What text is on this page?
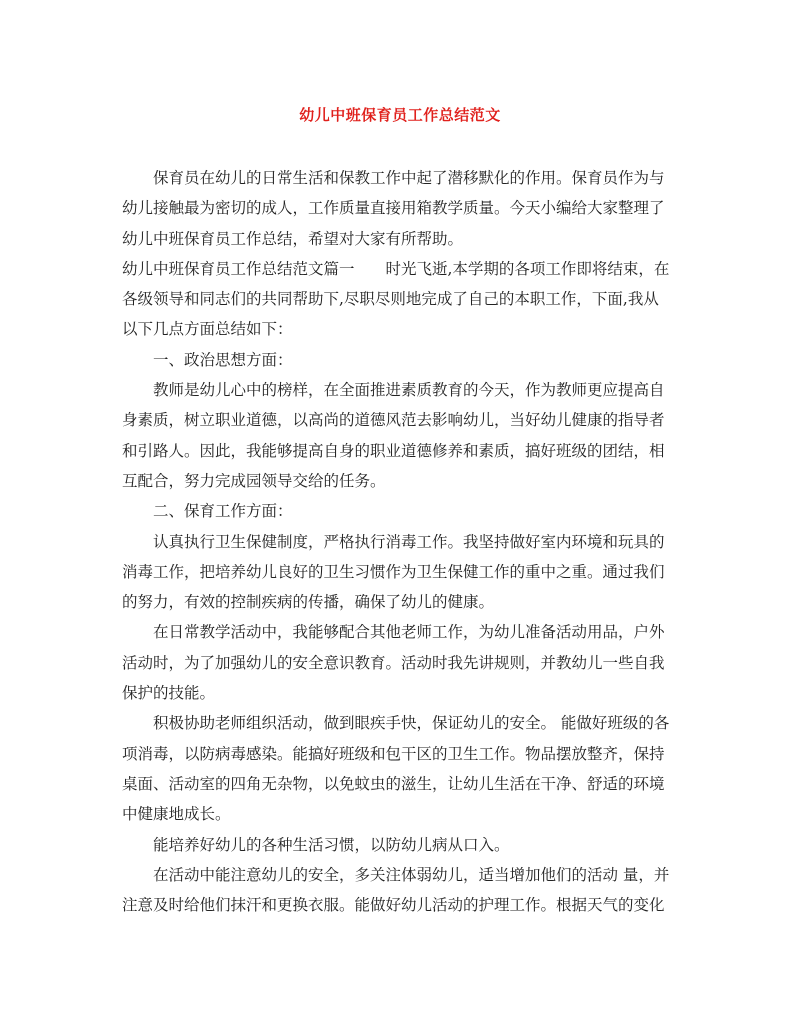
幼儿中班保育员工作总结范文
保育员在幼儿的日常生活和保教工作中起了潜移默化的作用。保育员作为与
幼儿接触最为密切的成人，工作质量直接用箱教学质量。今天小编给大家整理了
幼儿中班保育员工作总结，希望对大家有所帮助。
幼儿中班保育员工作总结范文篇一　　时光飞逝,本学期的各项工作即将结束，在
各级领导和同志们的共同帮助下,尽职尽则地完成了自己的本职工作，下面,我从
以下几点方面总结如下：
一、政治思想方面：
教师是幼儿心中的榜样，在全面推进素质教育的今天，作为教师更应提高自
身素质，树立职业道德，以高尚的道德风范去影响幼儿，当好幼儿健康的指导者
和引路人。因此，我能够提高自身的职业道德修养和素质，搞好班级的团结，相
互配合，努力完成园领导交给的任务。
二、保育工作方面：
认真执行卫生保健制度，严格执行消毒工作。我坚持做好室内环境和玩具的
消毒工作，把培养幼儿良好的卫生习惯作为卫生保健工作的重中之重。通过我们
的努力，有效的控制疾病的传播，确保了幼儿的健康。
在日常教学活动中，我能够配合其他老师工作，为幼儿准备活动用品，户外
活动时，为了加强幼儿的安全意识教育。活动时我先讲规则，并教幼儿一些自我
保护的技能。
积极协助老师组织活动，做到眼疾手快，保证幼儿的安全。 能做好班级的各
项消毒，以防病毒感染。能搞好班级和包干区的卫生工作。物品摆放整齐，保持
桌面、活动室的四角无杂物，以免蚊虫的滋生，让幼儿生活在干净、舒适的环境
中健康地成长。
能培养好幼儿的各种生活习惯，以防幼儿病从口入。
在活动中能注意幼儿的安全，多关注体弱幼儿，适当增加他们的活动 量，并
注意及时给他们抹汗和更换衣服。能做好幼儿活动的护理工作。根据天气的变化
